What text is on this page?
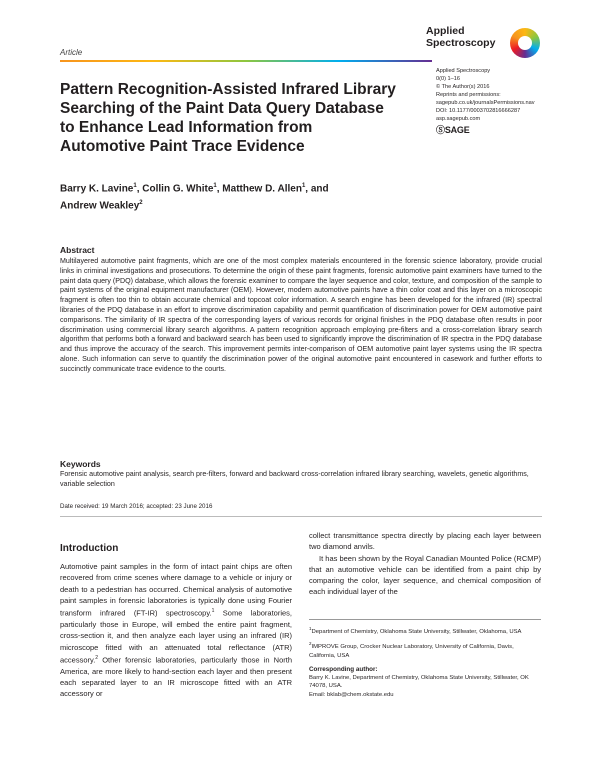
Article
Applied
Spectroscopy
Applied Spectroscopy
0(0) 1–16
© The Author(s) 2016
Reprints and permissions:
sagepub.co.uk/journalsPermissions.nav
DOI: 10.1177/0003702816666287
asp.sagepub.com
ⓈSAGE
Pattern Recognition-Assisted Infrared Library Searching of the Paint Data Query Database to Enhance Lead Information from Automotive Paint Trace Evidence
Barry K. Lavine$^1$, Collin G. White$^1$, Matthew D. Allen$^1$, and
Andrew Weakley$^2$
Abstract

Multilayered automotive paint fragments, which are one of the most complex materials encountered in the forensic science laboratory, provide crucial links in criminal investigations and prosecutions. To determine the origin of these paint fragments, forensic automotive paint examiners have turned to the paint data query (PDQ) database, which allows the forensic examiner to compare the layer sequence and color, texture, and composition of the sample to paint systems of the original equipment manufacturer (OEM). However, modern automotive paints have a thin color coat and this layer on a microscopic fragment is often too thin to obtain accurate chemical and topcoat color information. A search engine has been developed for the infrared (IR) spectral libraries of the PDQ database in an effort to improve discrimination capability and permit quantification of discrimination power for OEM automotive paint comparisons. The similarity of IR spectra of the corresponding layers of various records for original finishes in the PDQ database often results in poor discrimination using commercial library search algorithms. A pattern recognition approach employing pre-filters and a cross-correlation library search algorithm that performs both a forward and backward search has been used to significantly improve the discrimination of IR spectra in the PDQ database and thus improve the accuracy of the search. This improvement permits inter-comparison of OEM automotive paint layer systems using the IR spectra alone. Such information can serve to quantify the discrimination power of the original automotive paint encountered in casework and further efforts to succinctly communicate trace evidence to the courts.

Keywords

Forensic automotive paint analysis, search pre-filters, forward and backward cross-correlation infrared library searching, wavelets, genetic algorithms, variable selection

Date received: 19 March 2016; accepted: 23 June 2016
Introduction

Automotive paint samples in the form of intact paint chips are often recovered from crime scenes where damage to a vehicle or injury or death to a pedestrian has occurred. Chemical analysis of automotive paint samples in forensic laboratories is typically done using Fourier transform infrared (FT-IR) spectroscopy.$^1$ Some laboratories, particularly those in Europe, will embed the entire paint fragment, cross-section it, and then analyze each layer using an infrared (IR) microscope fitted with an attenuated total reflectance (ATR) accessory.$^2$ Other forensic laboratories, particularly those in North America, are more likely to hand-section each layer and then present each separated layer to an IR microscope fitted with an ATR accessory or

collect transmittance spectra directly by placing each layer between two diamond anvils.

It has been shown by the Royal Canadian Mounted Police (RCMP) that an automotive vehicle can be identified from a paint chip by comparing the color, layer sequence, and chemical composition of each individual layer of the

$^1$Department of Chemistry, Oklahoma State University, Stillwater, Oklahoma, USA
$^2$IMPROVE Group, Crocker Nuclear Laboratory, University of California, Davis, California, USA
Corresponding author:
Barry K. Lavine, Department of Chemistry, Oklahoma State University, Stillwater, OK 74078, USA.
Email: bklab@chem.okstate.edu
